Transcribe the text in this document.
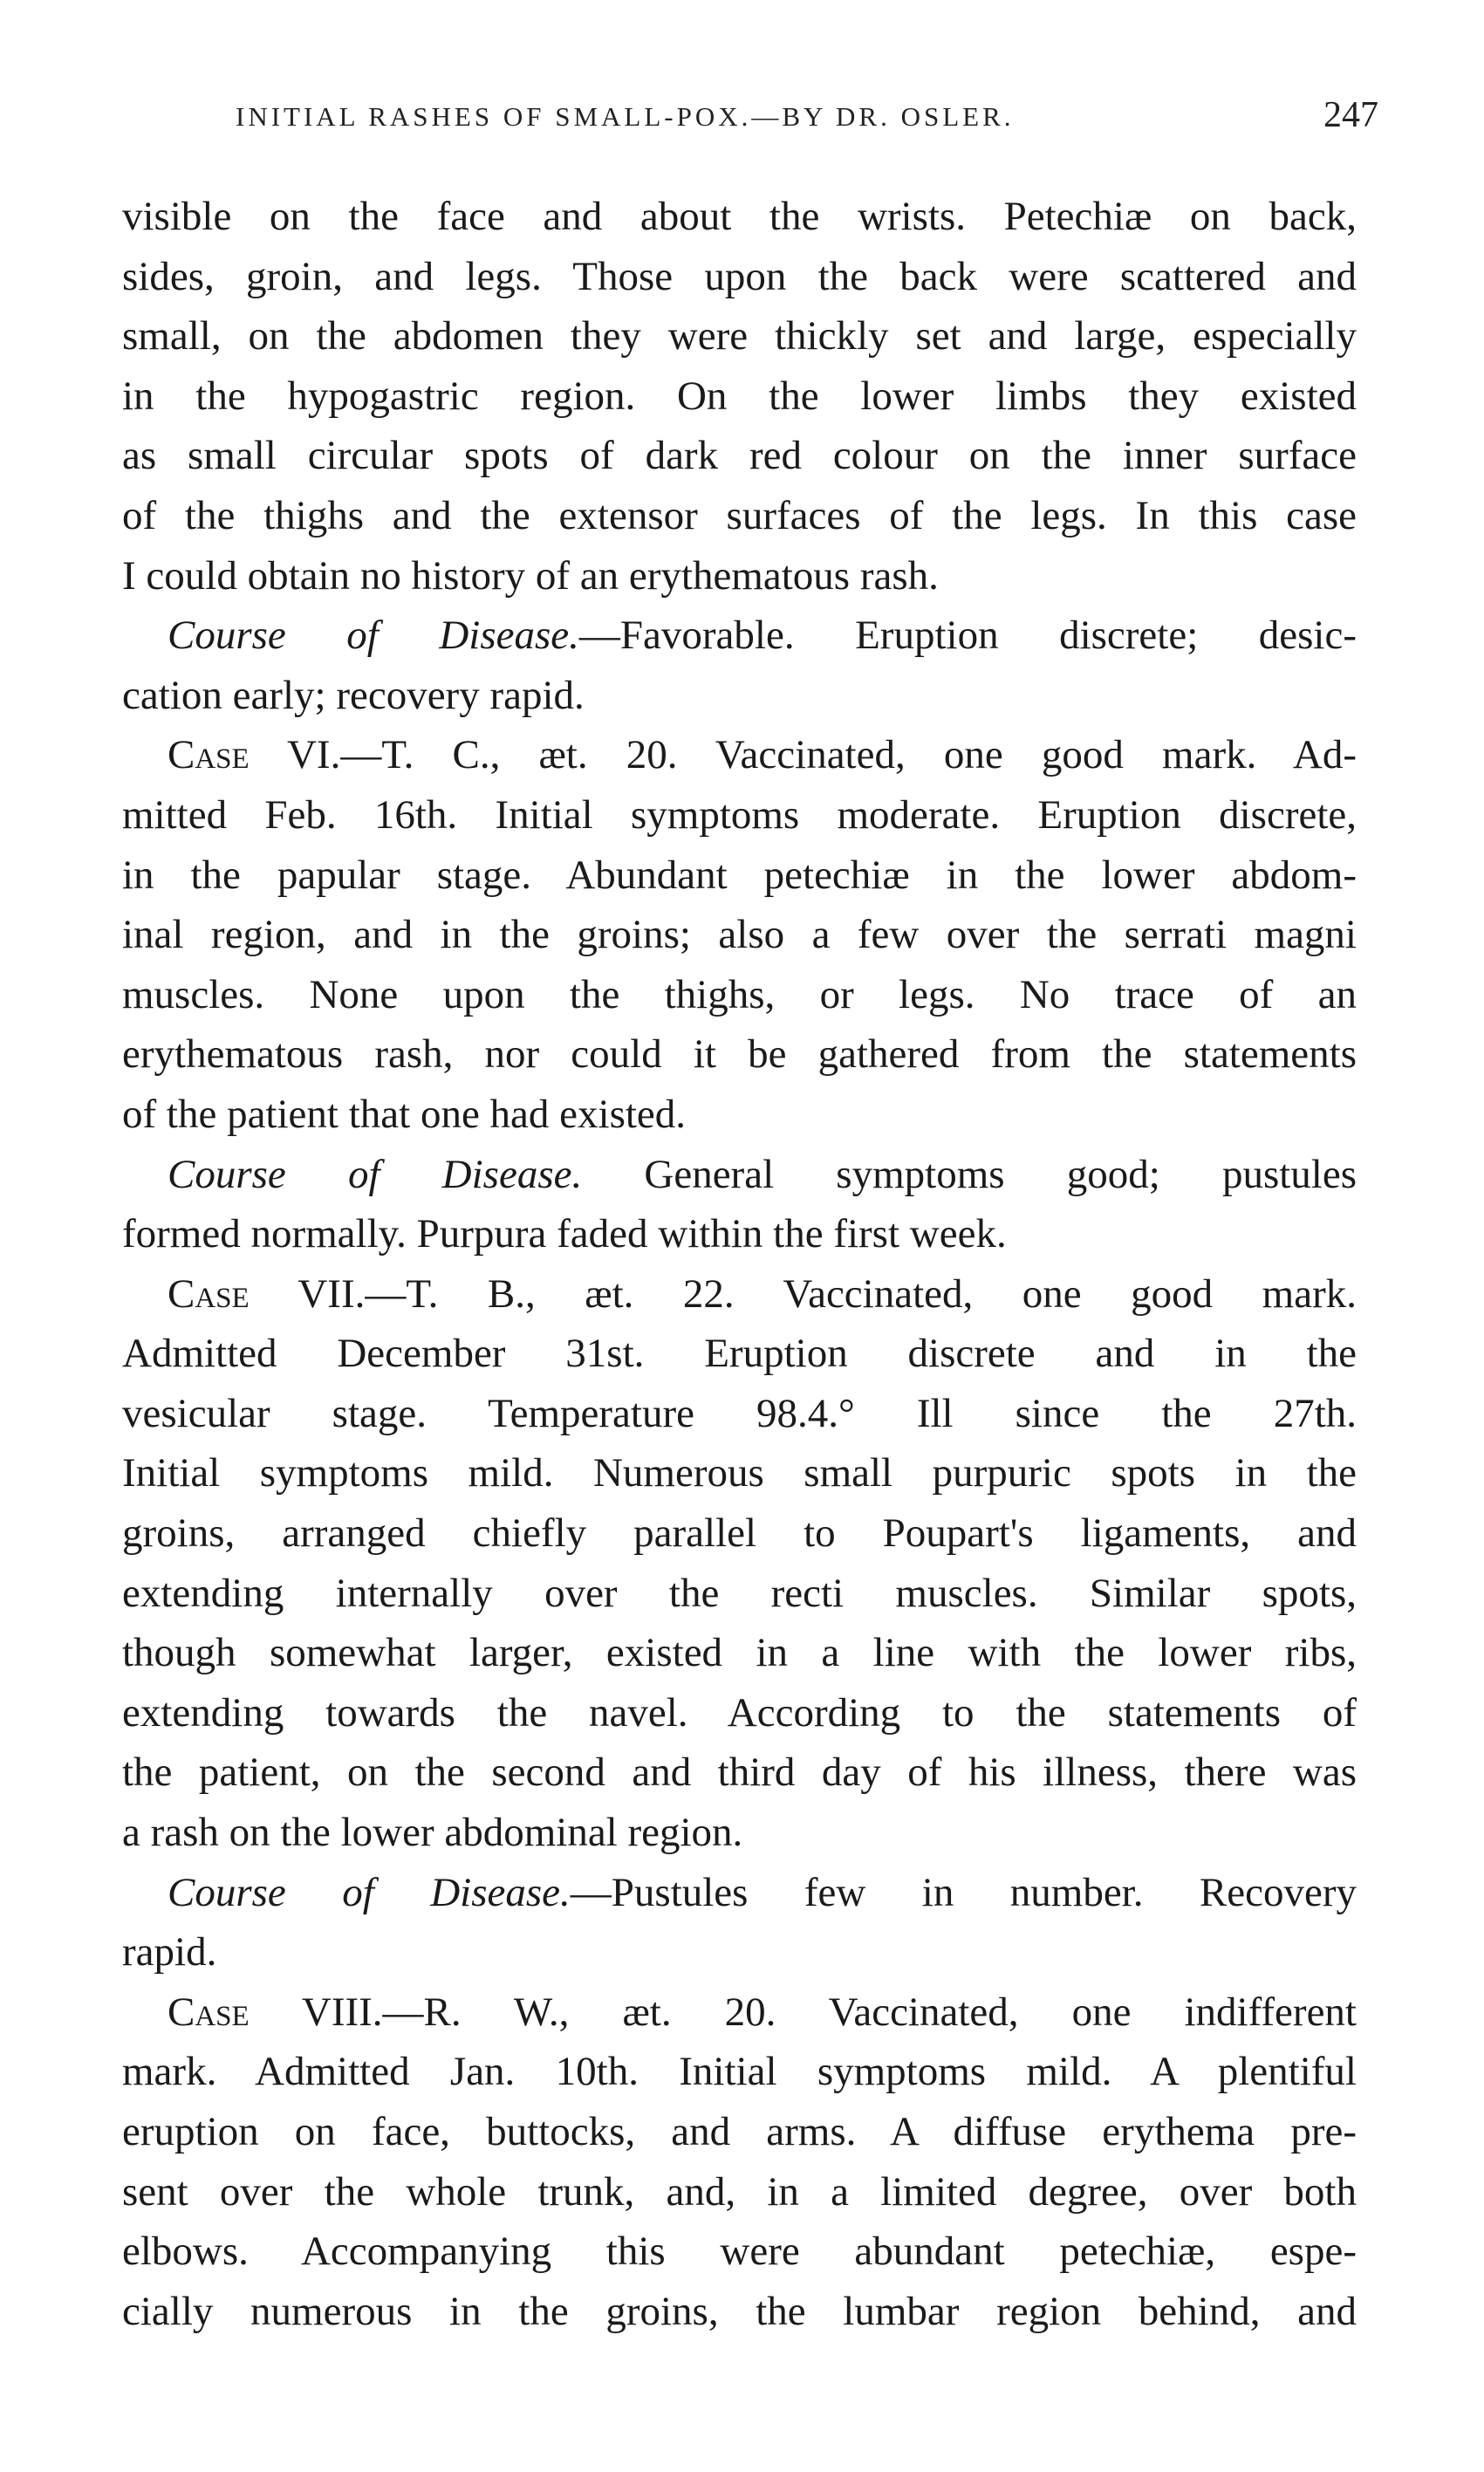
INITIAL RASHES OF SMALL-POX.—BY DR. OSLER.	247
visible on the face and about the wrists. Petechiæ on back,
sides, groin, and legs. Those upon the back were scattered and
small, on the abdomen they were thickly set and large, especially
in the hypogastric region. On the lower limbs they existed
as small circular spots of dark red colour on the inner surface
of the thighs and the extensor surfaces of the legs. In this case
I could obtain no history of an erythematous rash.
Course of Disease.—Favorable. Eruption discrete; desic-
cation early; recovery rapid.
Case VI.—T. C., æt. 20. Vaccinated, one good mark. Ad-
mitted Feb. 16th. Initial symptoms moderate. Eruption discrete,
in the papular stage. Abundant petechiæ in the lower abdom-
inal region, and in the groins; also a few over the serrati magni
muscles. None upon the thighs, or legs. No trace of an
erythematous rash, nor could it be gathered from the statements
of the patient that one had existed.
Course of Disease. General symptoms good; pustules
formed normally. Purpura faded within the first week.
Case VII.—T. B., æt. 22. Vaccinated, one good mark.
Admitted December 31st. Eruption discrete and in the
vesicular stage. Temperature 98.4.° Ill since the 27th.
Initial symptoms mild. Numerous small purpuric spots in the
groins, arranged chiefly parallel to Poupart's ligaments, and
extending internally over the recti muscles. Similar spots,
though somewhat larger, existed in a line with the lower ribs,
extending towards the navel. According to the statements of
the patient, on the second and third day of his illness, there was
a rash on the lower abdominal region.
Course of Disease.—Pustules few in number. Recovery
rapid.
Case VIII.—R. W., æt. 20. Vaccinated, one indifferent
mark. Admitted Jan. 10th. Initial symptoms mild. A plentiful
eruption on face, buttocks, and arms. A diffuse erythema pre-
sent over the whole trunk, and, in a limited degree, over both
elbows. Accompanying this were abundant petechiæ, espe-
cially numerous in the groins, the lumbar region behind, and
